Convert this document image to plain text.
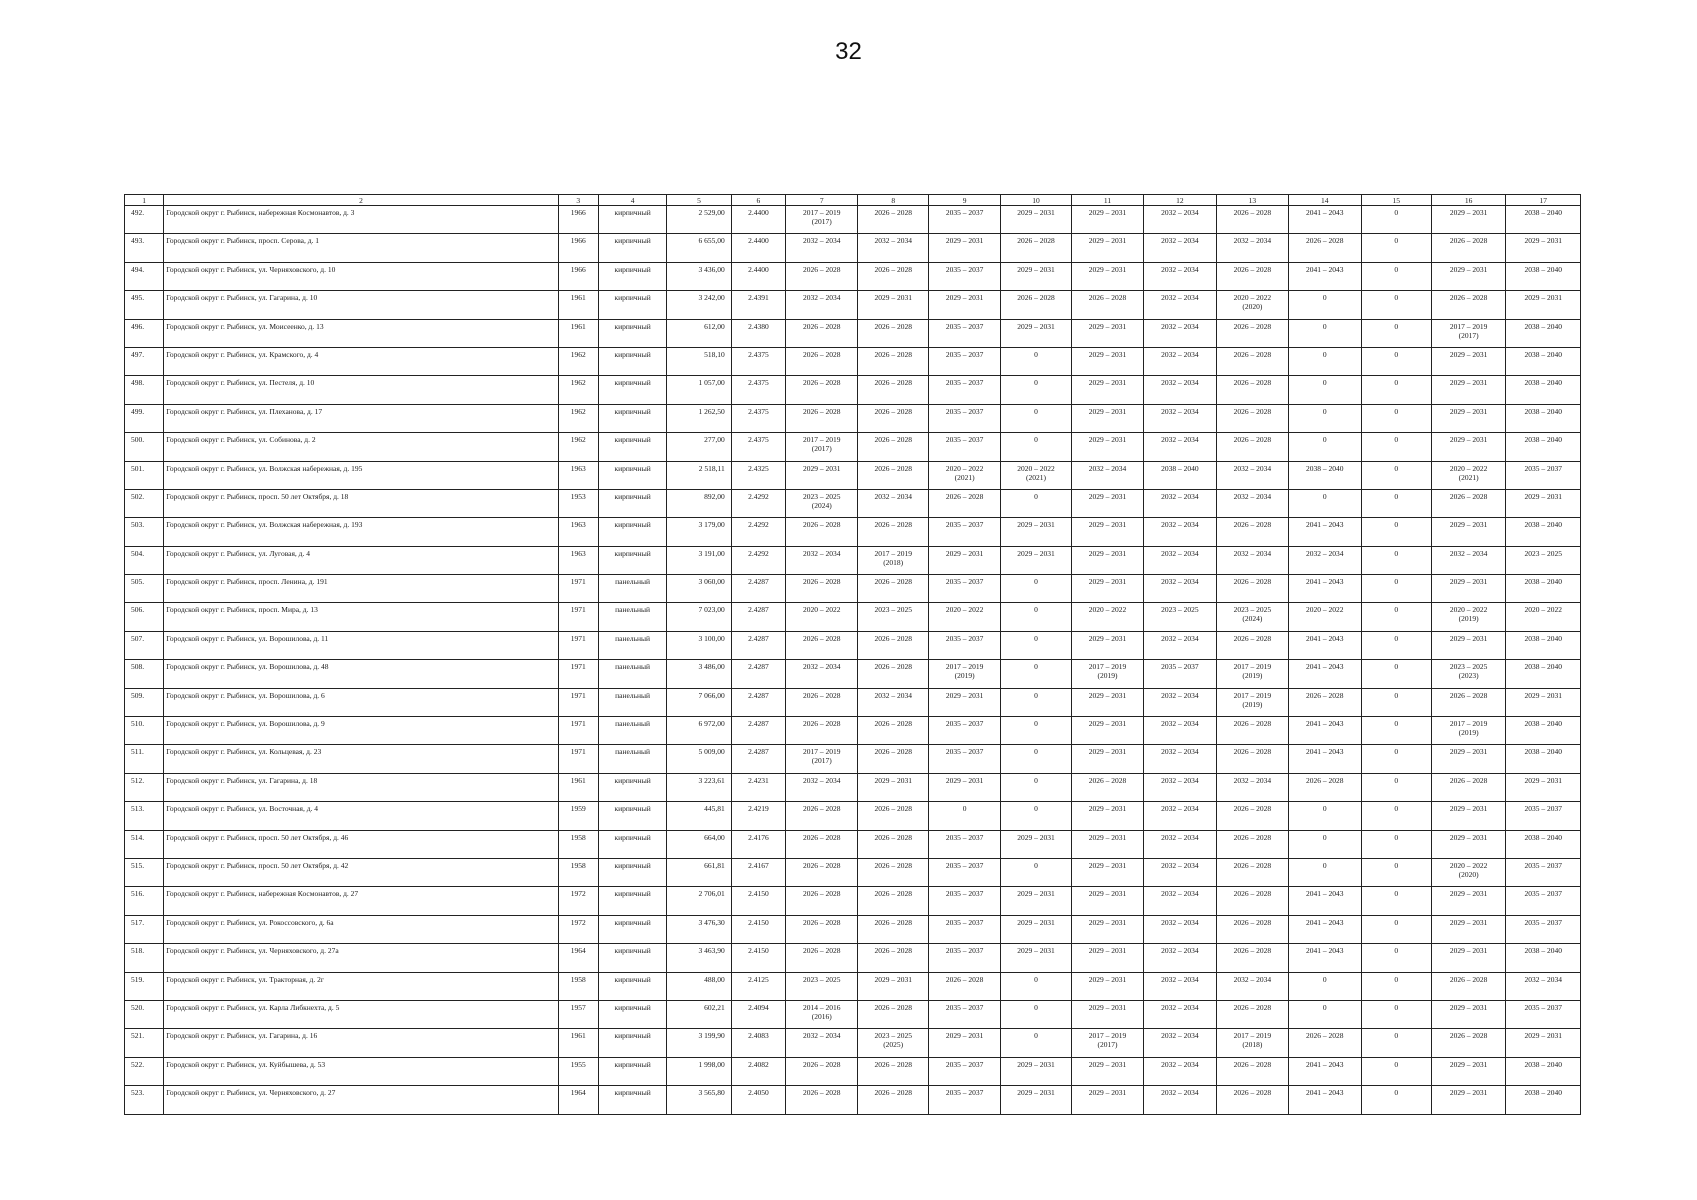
32
1	2	3	4	5	6	7	8	9	10	11	12	13	14	15	16	17
492.	Городской округ г. Рыбинск, набережная Космонавтов, д. 3	1966	кирпичный	2 529,00	2.4400	2017 – 2019
(2017)	2026 – 2028	2035 – 2037	2029 – 2031	2029 – 2031	2032 – 2034	2026 – 2028	2041 – 2043	0	2029 – 2031	2038 – 2040
493.	Городской округ г. Рыбинск, просп. Серова, д. 1	1966	кирпичный	6 655,00	2.4400	2032 – 2034	2032 – 2034	2029 – 2031	2026 – 2028	2029 – 2031	2032 – 2034	2032 – 2034	2026 – 2028	0	2026 – 2028	2029 – 2031
494.	Городской округ г. Рыбинск, ул. Черняховского, д. 10	1966	кирпичный	3 436,00	2.4400	2026 – 2028	2026 – 2028	2035 – 2037	2029 – 2031	2029 – 2031	2032 – 2034	2026 – 2028	2041 – 2043	0	2029 – 2031	2038 – 2040
495.	Городской округ г. Рыбинск, ул. Гагарина, д. 10	1961	кирпичный	3 242,00	2.4391	2032 – 2034	2029 – 2031	2029 – 2031	2026 – 2028	2026 – 2028	2032 – 2034	2020 – 2022
(2020)	0	0	2026 – 2028	2029 – 2031
496.	Городской округ г. Рыбинск, ул. Моисеенко, д. 13	1961	кирпичный	612,00	2.4380	2026 – 2028	2026 – 2028	2035 – 2037	2029 – 2031	2029 – 2031	2032 – 2034	2026 – 2028	0	0	2017 – 2019
(2017)	2038 – 2040
497.	Городской округ г. Рыбинск, ул. Крамского, д. 4	1962	кирпичный	518,10	2.4375	2026 – 2028	2026 – 2028	2035 – 2037	0	2029 – 2031	2032 – 2034	2026 – 2028	0	0	2029 – 2031	2038 – 2040
498.	Городской округ г. Рыбинск, ул. Пестеля, д. 10	1962	кирпичный	1 057,00	2.4375	2026 – 2028	2026 – 2028	2035 – 2037	0	2029 – 2031	2032 – 2034	2026 – 2028	0	0	2029 – 2031	2038 – 2040
499.	Городской округ г. Рыбинск, ул. Плеханова, д. 17	1962	кирпичный	1 262,50	2.4375	2026 – 2028	2026 – 2028	2035 – 2037	0	2029 – 2031	2032 – 2034	2026 – 2028	0	0	2029 – 2031	2038 – 2040
500.	Городской округ г. Рыбинск, ул. Собинова, д. 2	1962	кирпичный	277,00	2.4375	2017 – 2019
(2017)	2026 – 2028	2035 – 2037	0	2029 – 2031	2032 – 2034	2026 – 2028	0	0	2029 – 2031	2038 – 2040
501.	Городской округ г. Рыбинск, ул. Волжская набережная, д. 195	1963	кирпичный	2 518,11	2.4325	2029 – 2031	2026 – 2028	2020 – 2022
(2021)	2020 – 2022
(2021)	2032 – 2034	2038 – 2040	2032 – 2034	2038 – 2040	0	2020 – 2022
(2021)	2035 – 2037
502.	Городской округ г. Рыбинск, просп. 50 лет Октября, д. 18	1953	кирпичный	892,00	2.4292	2023 – 2025
(2024)	2032 – 2034	2026 – 2028	0	2029 – 2031	2032 – 2034	2032 – 2034	0	0	2026 – 2028	2029 – 2031
503.	Городской округ г. Рыбинск, ул. Волжская набережная, д. 193	1963	кирпичный	3 179,00	2.4292	2026 – 2028	2026 – 2028	2035 – 2037	2029 – 2031	2029 – 2031	2032 – 2034	2026 – 2028	2041 – 2043	0	2029 – 2031	2038 – 2040
504.	Городской округ г. Рыбинск, ул. Луговая, д. 4	1963	кирпичный	3 191,00	2.4292	2032 – 2034	2017 – 2019
(2018)	2029 – 2031	2029 – 2031	2029 – 2031	2032 – 2034	2032 – 2034	2032 – 2034	0	2032 – 2034	2023 – 2025
505.	Городской округ г. Рыбинск, просп. Ленина, д. 191	1971	панельный	3 060,00	2.4287	2026 – 2028	2026 – 2028	2035 – 2037	0	2029 – 2031	2032 – 2034	2026 – 2028	2041 – 2043	0	2029 – 2031	2038 – 2040
506.	Городской округ г. Рыбинск, просп. Мира, д. 13	1971	панельный	7 023,00	2.4287	2020 – 2022	2023 – 2025	2020 – 2022	0	2020 – 2022	2023 – 2025	2023 – 2025
(2024)	2020 – 2022	0	2020 – 2022
(2019)	2020 – 2022
507.	Городской округ г. Рыбинск, ул. Ворошилова, д. 11	1971	панельный	3 100,00	2.4287	2026 – 2028	2026 – 2028	2035 – 2037	0	2029 – 2031	2032 – 2034	2026 – 2028	2041 – 2043	0	2029 – 2031	2038 – 2040
508.	Городской округ г. Рыбинск, ул. Ворошилова, д. 48	1971	панельный	3 486,00	2.4287	2032 – 2034	2026 – 2028	2017 – 2019
(2019)	0	2017 – 2019
(2019)	2035 – 2037	2017 – 2019
(2019)	2041 – 2043	0	2023 – 2025
(2023)	2038 – 2040
509.	Городской округ г. Рыбинск, ул. Ворошилова, д. 6	1971	панельный	7 066,00	2.4287	2026 – 2028	2032 – 2034	2029 – 2031	0	2029 – 2031	2032 – 2034	2017 – 2019
(2019)	2026 – 2028	0	2026 – 2028	2029 – 2031
510.	Городской округ г. Рыбинск, ул. Ворошилова, д. 9	1971	панельный	6 972,00	2.4287	2026 – 2028	2026 – 2028	2035 – 2037	0	2029 – 2031	2032 – 2034	2026 – 2028	2041 – 2043	0	2017 – 2019
(2019)	2038 – 2040
511.	Городской округ г. Рыбинск, ул. Кольцевая, д. 23	1971	панельный	5 009,00	2.4287	2017 – 2019
(2017)	2026 – 2028	2035 – 2037	0	2029 – 2031	2032 – 2034	2026 – 2028	2041 – 2043	0	2029 – 2031	2038 – 2040
512.	Городской округ г. Рыбинск, ул. Гагарина, д. 18	1961	кирпичный	3 223,61	2.4231	2032 – 2034	2029 – 2031	2029 – 2031	0	2026 – 2028	2032 – 2034	2032 – 2034	2026 – 2028	0	2026 – 2028	2029 – 2031
513.	Городской округ г. Рыбинск, ул. Восточная, д. 4	1959	кирпичный	445,81	2.4219	2026 – 2028	2026 – 2028	0	0	2029 – 2031	2032 – 2034	2026 – 2028	0	0	2029 – 2031	2035 – 2037
514.	Городской округ г. Рыбинск, просп. 50 лет Октября, д. 46	1958	кирпичный	664,00	2.4176	2026 – 2028	2026 – 2028	2035 – 2037	2029 – 2031	2029 – 2031	2032 – 2034	2026 – 2028	0	0	2029 – 2031	2038 – 2040
515.	Городской округ г. Рыбинск, просп. 50 лет Октября, д. 42	1958	кирпичный	661,81	2.4167	2026 – 2028	2026 – 2028	2035 – 2037	0	2029 – 2031	2032 – 2034	2026 – 2028	0	0	2020 – 2022
(2020)	2035 – 2037
516.	Городской округ г. Рыбинск, набережная Космонавтов, д. 27	1972	кирпичный	2 706,01	2.4150	2026 – 2028	2026 – 2028	2035 – 2037	2029 – 2031	2029 – 2031	2032 – 2034	2026 – 2028	2041 – 2043	0	2029 – 2031	2035 – 2037
517.	Городской округ г. Рыбинск, ул. Рокоссовского, д. 6а	1972	кирпичный	3 476,30	2.4150	2026 – 2028	2026 – 2028	2035 – 2037	2029 – 2031	2029 – 2031	2032 – 2034	2026 – 2028	2041 – 2043	0	2029 – 2031	2035 – 2037
518.	Городской округ г. Рыбинск, ул. Черняховского, д. 27а	1964	кирпичный	3 463,90	2.4150	2026 – 2028	2026 – 2028	2035 – 2037	2029 – 2031	2029 – 2031	2032 – 2034	2026 – 2028	2041 – 2043	0	2029 – 2031	2038 – 2040
519.	Городской округ г. Рыбинск, ул. Тракторная, д. 2г	1958	кирпичный	488,00	2.4125	2023 – 2025	2029 – 2031	2026 – 2028	0	2029 – 2031	2032 – 2034	2032 – 2034	0	0	2026 – 2028	2032 – 2034
520.	Городской округ г. Рыбинск, ул. Карла Либкнехта, д. 5	1957	кирпичный	602,21	2.4094	2014 – 2016
(2016)	2026 – 2028	2035 – 2037	0	2029 – 2031	2032 – 2034	2026 – 2028	0	0	2029 – 2031	2035 – 2037
521.	Городской округ г. Рыбинск, ул. Гагарина, д. 16	1961	кирпичный	3 199,90	2.4083	2032 – 2034	2023 – 2025
(2025)	2029 – 2031	0	2017 – 2019
(2017)	2032 – 2034	2017 – 2019
(2018)	2026 – 2028	0	2026 – 2028	2029 – 2031
522.	Городской округ г. Рыбинск, ул. Куйбышева, д. 53	1955	кирпичный	1 998,00	2.4082	2026 – 2028	2026 – 2028	2035 – 2037	2029 – 2031	2029 – 2031	2032 – 2034	2026 – 2028	2041 – 2043	0	2029 – 2031	2038 – 2040
523.	Городской округ г. Рыбинск, ул. Черняховского, д. 27	1964	кирпичный	3 565,80	2.4050	2026 – 2028	2026 – 2028	2035 – 2037	2029 – 2031	2029 – 2031	2032 – 2034	2026 – 2028	2041 – 2043	0	2029 – 2031	2038 – 2040
